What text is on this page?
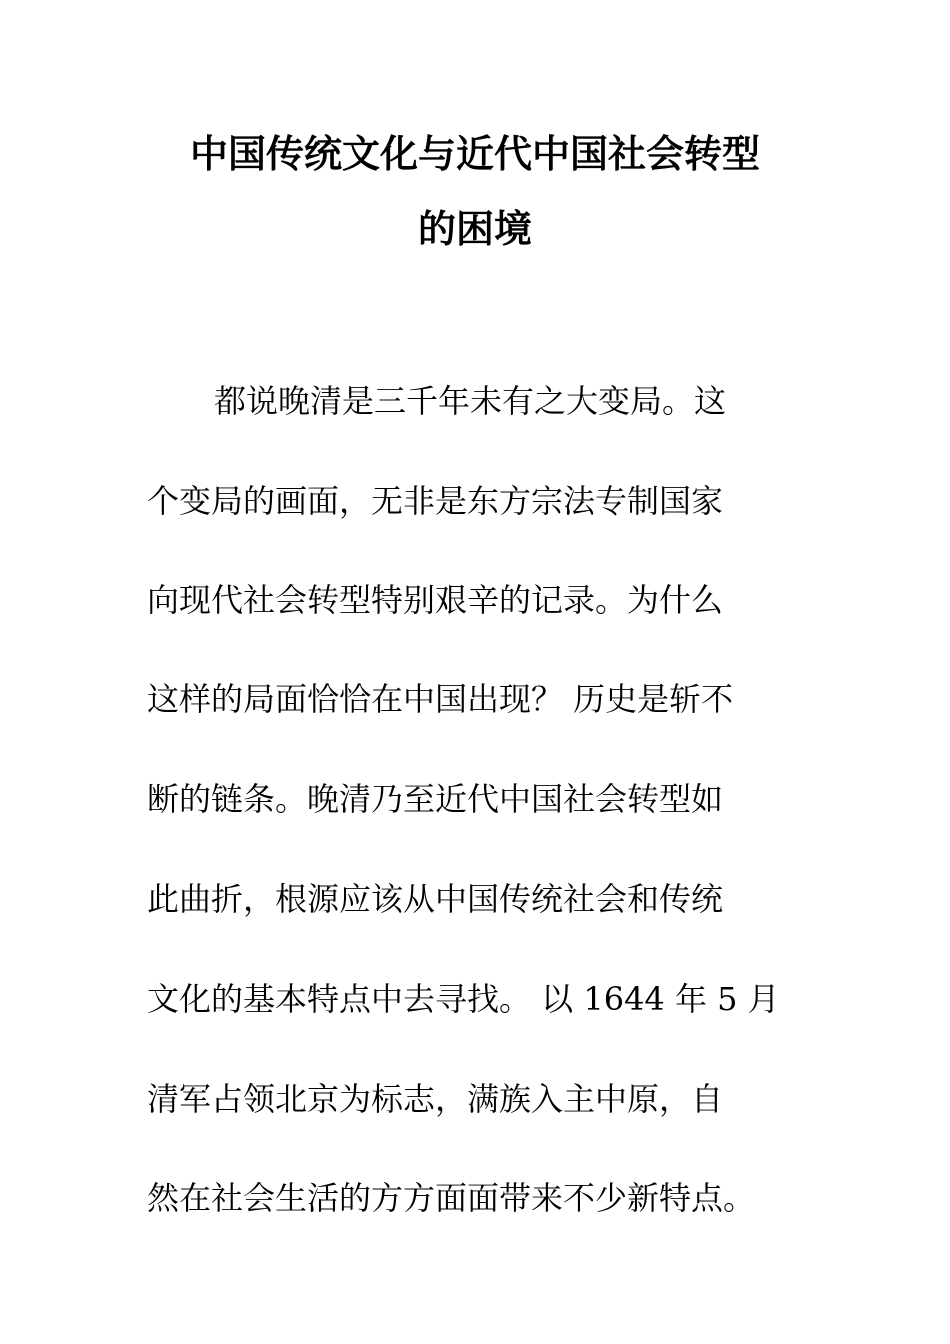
中国传统文化与近代中国社会转型
的困境
都说晚清是三千年未有之大变局。这
个变局的画面，无非是东方宗法专制国家
向现代社会转型特别艰辛的记录。为什么
这样的局面恰恰在中国出现？ 历史是斩不
断的链条。晚清乃至近代中国社会转型如
此曲折，根源应该从中国传统社会和传统
文化的基本特点中去寻找。 以 1644 年 5 月
清军占领北京为标志，满族入主中原，自
然在社会生活的方方面面带来不少新特点。
